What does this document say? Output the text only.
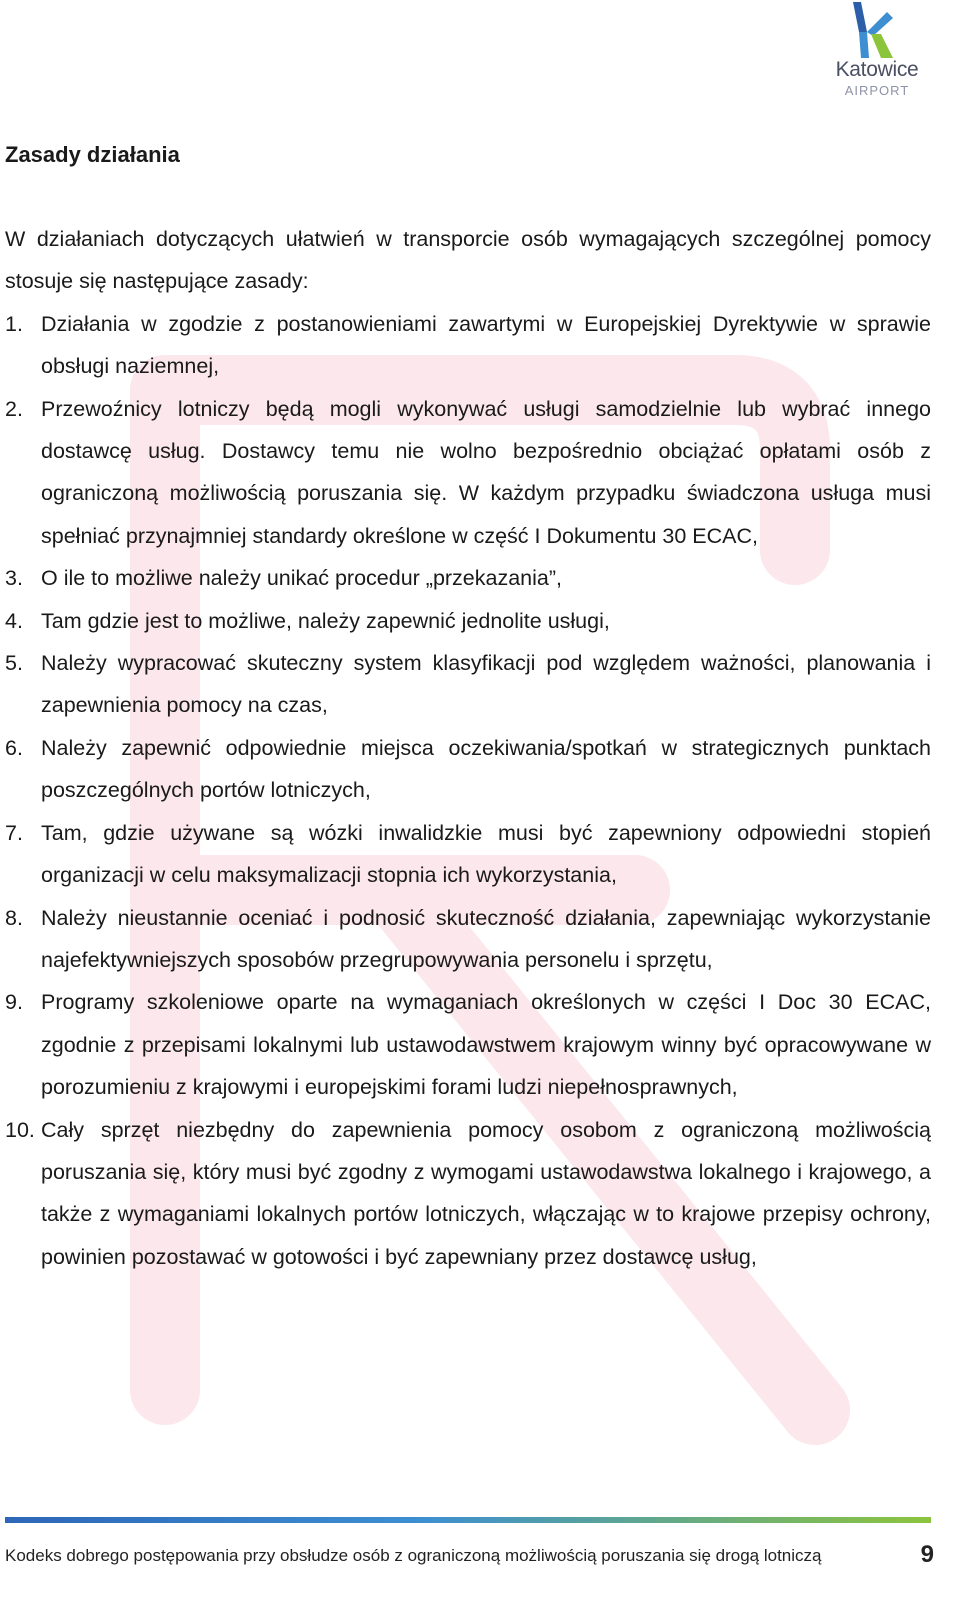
Katowice
AIRPORT
Zasady działania

W działaniach dotyczących ułatwień w transporcie osób wymagających szczególnej pomocy stosuje się następujące zasady:

1. Działania w zgodzie z postanowieniami zawartymi w Europejskiej Dyrektywie w sprawie obsługi naziemnej,
2. Przewoźnicy lotniczy będą mogli wykonywać usługi samodzielnie lub wybrać innego dostawcę usług. Dostawcy temu nie wolno bezpośrednio obciążać opłatami osób z ograniczoną możliwością poruszania się. W każdym przypadku świadczona usługa musi spełniać przynajmniej standardy określone w część I Dokumentu 30 ECAC,
3. O ile to możliwe należy unikać procedur „przekazania”,
4. Tam gdzie jest to możliwe, należy zapewnić jednolite usługi,
5. Należy wypracować skuteczny system klasyfikacji pod względem ważności, planowania i zapewnienia pomocy na czas,
6. Należy zapewnić odpowiednie miejsca oczekiwania/spotkań w strategicznych punktach poszczególnych portów lotniczych,
7. Tam, gdzie używane są wózki inwalidzkie musi być zapewniony odpowiedni stopień organizacji w celu maksymalizacji stopnia ich wykorzystania,
8. Należy nieustannie oceniać i podnosić skuteczność działania, zapewniając wykorzystanie najefektywniejszych sposobów przegrupowywania personelu i sprzętu,
9. Programy szkoleniowe oparte na wymaganiach określonych w części I Doc 30 ECAC, zgodnie z przepisami lokalnymi lub ustawodawstwem krajowym winny być opracowywane w porozumieniu z krajowymi i europejskimi forami ludzi niepełnosprawnych,
10. Cały sprzęt niezbędny do zapewnienia pomocy osobom z ograniczoną możliwością poruszania się, który musi być zgodny z wymogami ustawodawstwa lokalnego i krajowego, a także z wymaganiami lokalnych portów lotniczych, włączając w to krajowe przepisy ochrony, powinien pozostawać w gotowości i być zapewniany przez dostawcę usług,
Kodeks dobrego postępowania przy obsłudze osób z ograniczoną możliwością poruszania się drogą lotniczą	9
